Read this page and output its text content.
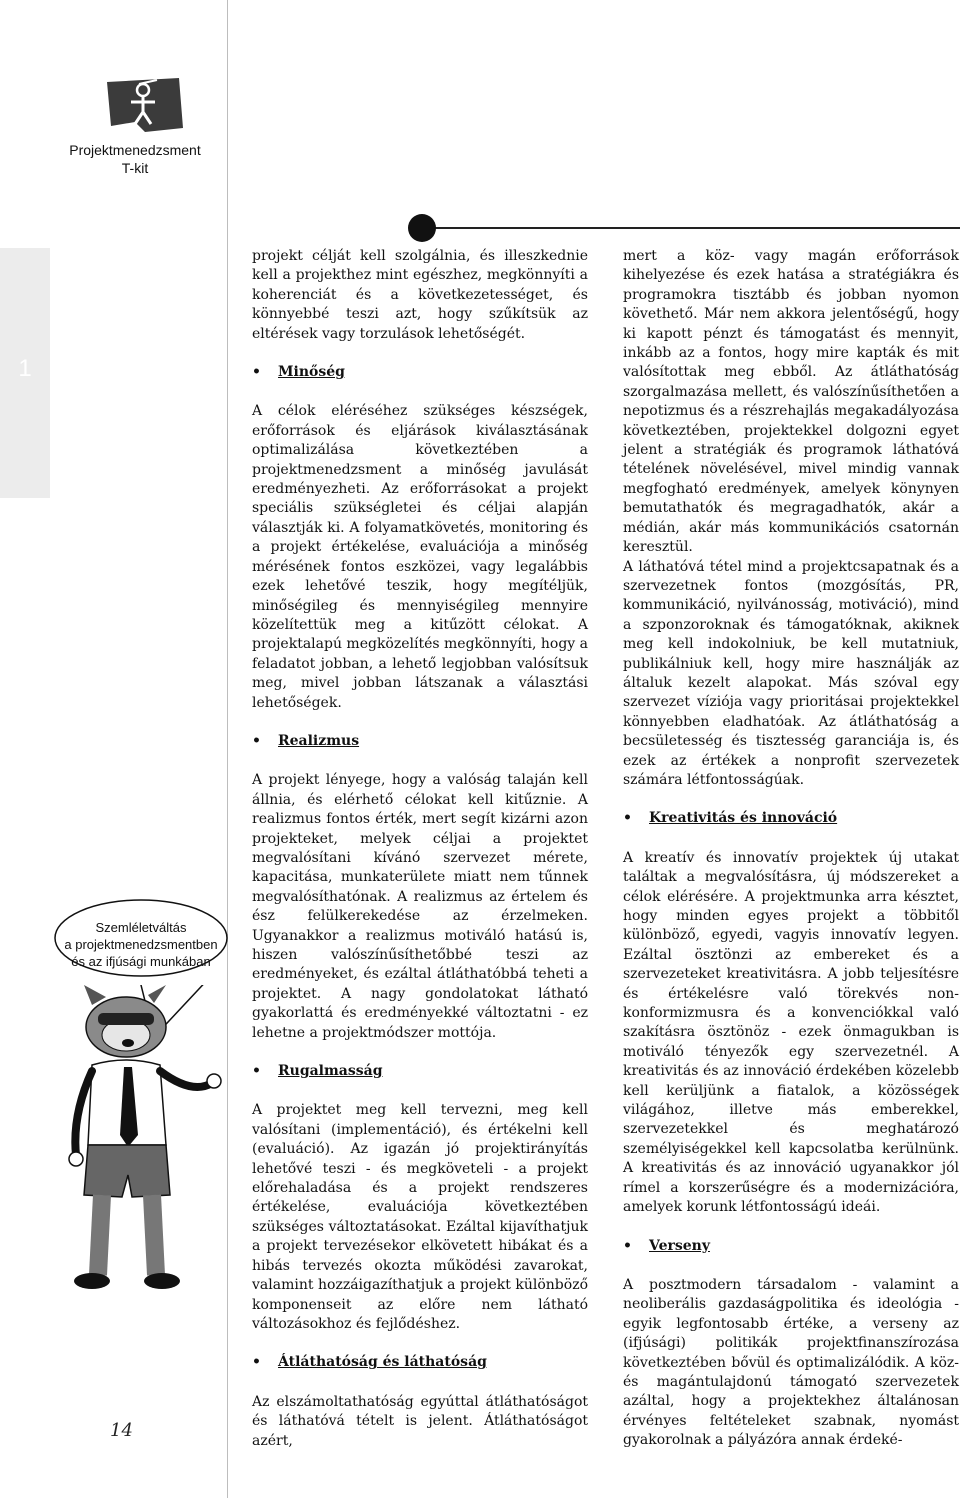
1
Projektmenedzsment
T-kit
Szemléletváltás
a projektmenedzsmentben
és az ifjúsági munkában
14

projekt célját kell szolgálnia, és illeszkednie kell a projekthez mint egészhez, megkönnyíti a koherenciát és a következetességet, és könnyebbé teszi azt, hogy szűkítsük az eltérések vagy torzulások lehetőségét.

• Minőség

A célok eléréséhez szükséges készségek, erőforrások és eljárások kiválasztásának optimalizálása következtében a projektmenedzsment a minőség javulását eredményezheti. Az erőforrásokat a projekt speciális szükségletei és céljai alapján választják ki. A folyamatkövetés, monitoring és a projekt értékelése, evaluációja a minőség mérésének fontos eszközei, vagy legalábbis ezek lehetővé teszik, hogy megítéljük, minőségileg és mennyiségileg mennyire közelítettük meg a kitűzött célokat. A projektalapú megközelítés megkönnyíti, hogy a feladatot jobban, a lehető legjobban valósítsuk meg, mivel jobban látszanak a választási lehetőségek.

• Realizmus

A projekt lényege, hogy a valóság talaján kell állnia, és elérhető célokat kell kitűznie. A realizmus fontos érték, mert segít kizárni azon projekteket, melyek céljai a projektet megvalósítani kívánó szervezet mérete, kapacitása, munkaterülete miatt nem tűnnek megvalósíthatónak. A realizmus az értelem és ész felülkerekedése az érzelmeken. Ugyanakkor a realizmus motiváló hatású is, hiszen valószínűsíthetőbbé teszi az eredményeket, és ezáltal átláthatóbbá teheti a projektet. A nagy gondolatokat látható gyakorlattá és eredményekké változtatni - ez lehetne a projektmódszer mottója.

• Rugalmasság

A projektet meg kell tervezni, meg kell valósítani (implementáció), és értékelni kell (evaluáció). Az igazán jó projektirányítás lehetővé teszi - és megköveteli - a projekt előrehaladása és a projekt rendszeres értékelése, evaluációja következtében szükséges változtatásokat. Ezáltal kijavíthatjuk a projekt tervezésekor elkövetett hibákat és a hibás tervezés okozta működési zavarokat, valamint hozzáigazíthatjuk a projekt különböző komponenseit az előre nem látható változásokhoz és fejlődéshez.

• Átláthatóság és láthatóság

Az elszámoltathatóság egyúttal átláthatóságot és láthatóvá tételt is jelent. Átláthatóságot azért,

mert a köz- vagy magán erőforrások kihelyezése és ezek hatása a stratégiákra és programokra tisztább és jobban nyomon követhető. Már nem akkora jelentőségű, hogy ki kapott pénzt és támogatást és mennyit, inkább az a fontos, hogy mire kapták és mit valósítottak meg ebből. Az átláthatóság szorgalmazása mellett, és valószínűsíthetően a nepotizmus és a részrehajlás megakadályozása következtében, projektekkel dolgozni egyet jelent a stratégiák és programok láthatóvá tételének növelésével, mivel mindig vannak megfogható eredmények, amelyek könynyen bemutathatók és megragadhatók, akár a médián, akár más kommunikációs csatornán keresztül.

A láthatóvá tétel mind a projektcsapatnak és a szervezetnek fontos (mozgósítás, PR, kommunikáció, nyilvánosság, motiváció), mind a szponzoroknak és támogatóknak, akiknek meg kell indokolniuk, be kell mutatniuk, publikálniuk kell, hogy mire használják az általuk kezelt alapokat. Más szóval egy szervezet víziója vagy prioritásai projektekkel könnyebben eladhatóak. Az átláthatóság a becsületesség és tisztesség garanciája is, és ezek az értékek a nonprofit szervezetek számára létfontosságúak.

• Kreativitás és innováció

A kreatív és innovatív projektek új utakat találtak a megvalósításra, új módszereket a célok elérésére. A projektmunka arra késztet, hogy minden egyes projekt a többitől különböző, egyedi, vagyis innovatív legyen. Ezáltal ösztönzi az embereket és a szervezeteket kreativitásra. A jobb teljesítésre és értékelésre való törekvés non-konformizmusra és a konvenciókkal való szakításra ösztönöz - ezek önmagukban is motiváló tényezők egy szervezetnél. A kreativitás és az innováció érdekében közelebb kell kerüljünk a fiatalok, a közösségek világához, illetve más emberekkel, szervezetekkel és meghatározó személyiségekkel kell kapcsolatba kerülnünk. A kreativitás és az innováció ugyanakkor jól rímel a korszerűségre és a modernizációra, amelyek korunk létfontosságú ideái.

• Verseny

A posztmodern társadalom - valamint a neoliberális gazdaságpolitika és ideológia - egyik legfontosabb értéke, a verseny az (ifjúsági) politikák projektfinanszírozása következtében bővül és optimalizálódik. A köz- és magántulajdonú támogató szervezetek azáltal, hogy a projektekhez általánosan érvényes feltételeket szabnak, nyomást gyakorolnak a pályázóra annak érdeké-
